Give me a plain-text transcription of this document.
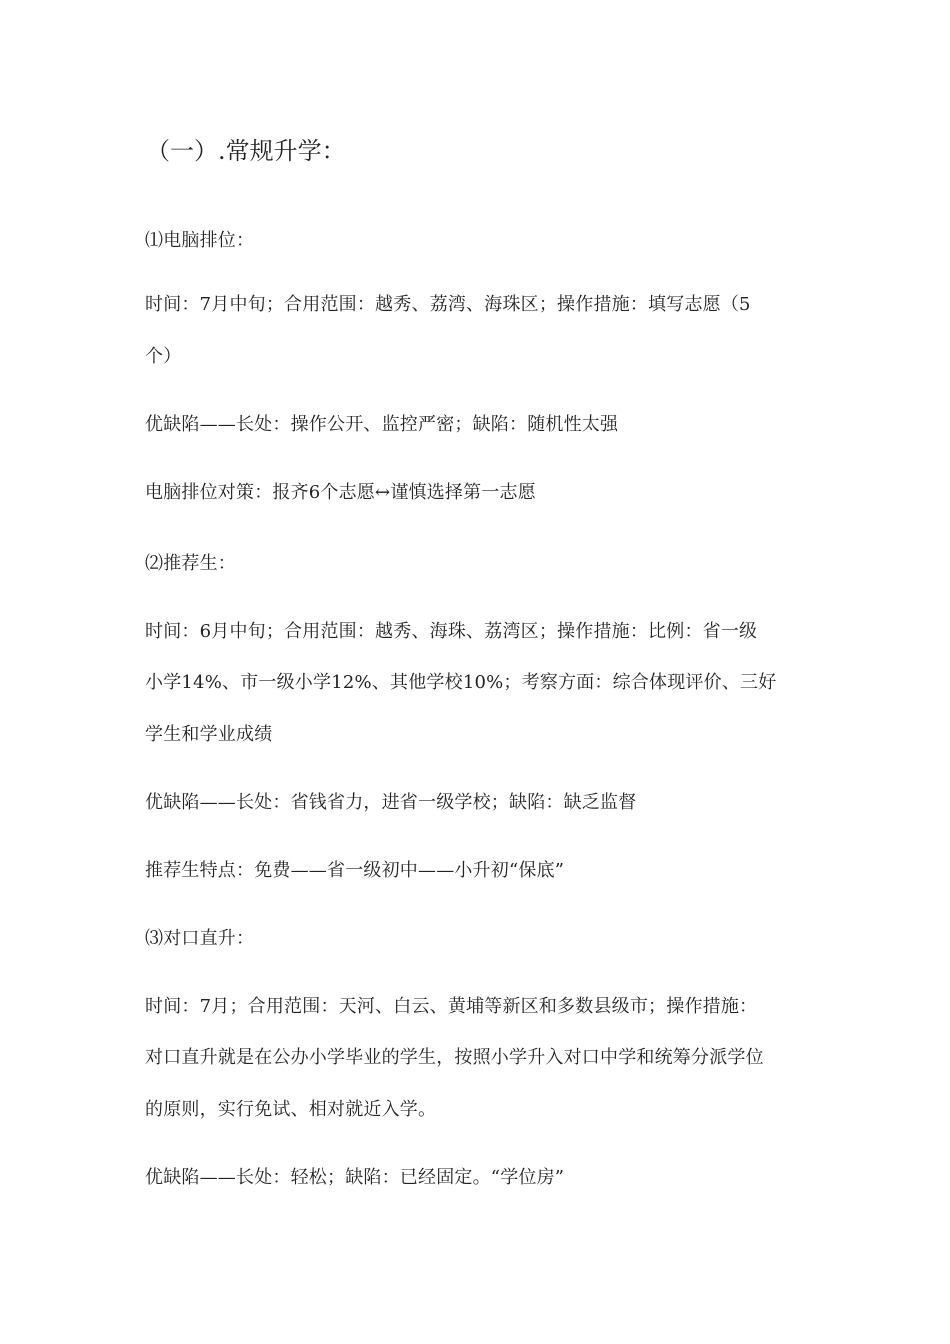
（一）.常规升学：
⑴电脑排位：
时间：7月中旬；合用范围：越秀、荔湾、海珠区；操作措施：填写志愿（5
个）
优缺陷——长处：操作公开、监控严密；缺陷：随机性太强
电脑排位对策：报齐6个志愿↔谨慎选择第一志愿
⑵推荐生：
时间：6月中旬；合用范围：越秀、海珠、荔湾区；操作措施：比例：省一级
小学14%、市一级小学12%、其他学校10%；考察方面：综合体现评价、三好
学生和学业成绩
优缺陷——长处：省钱省力，进省一级学校；缺陷：缺乏监督
推荐生特点：免费——省一级初中——小升初“保底”
⑶对口直升：
时间：7月；合用范围：天河、白云、黄埔等新区和多数县级市；操作措施：
对口直升就是在公办小学毕业的学生，按照小学升入对口中学和统筹分派学位
的原则，实行免试、相对就近入学。
优缺陷——长处：轻松；缺陷：已经固定。“学位房”
